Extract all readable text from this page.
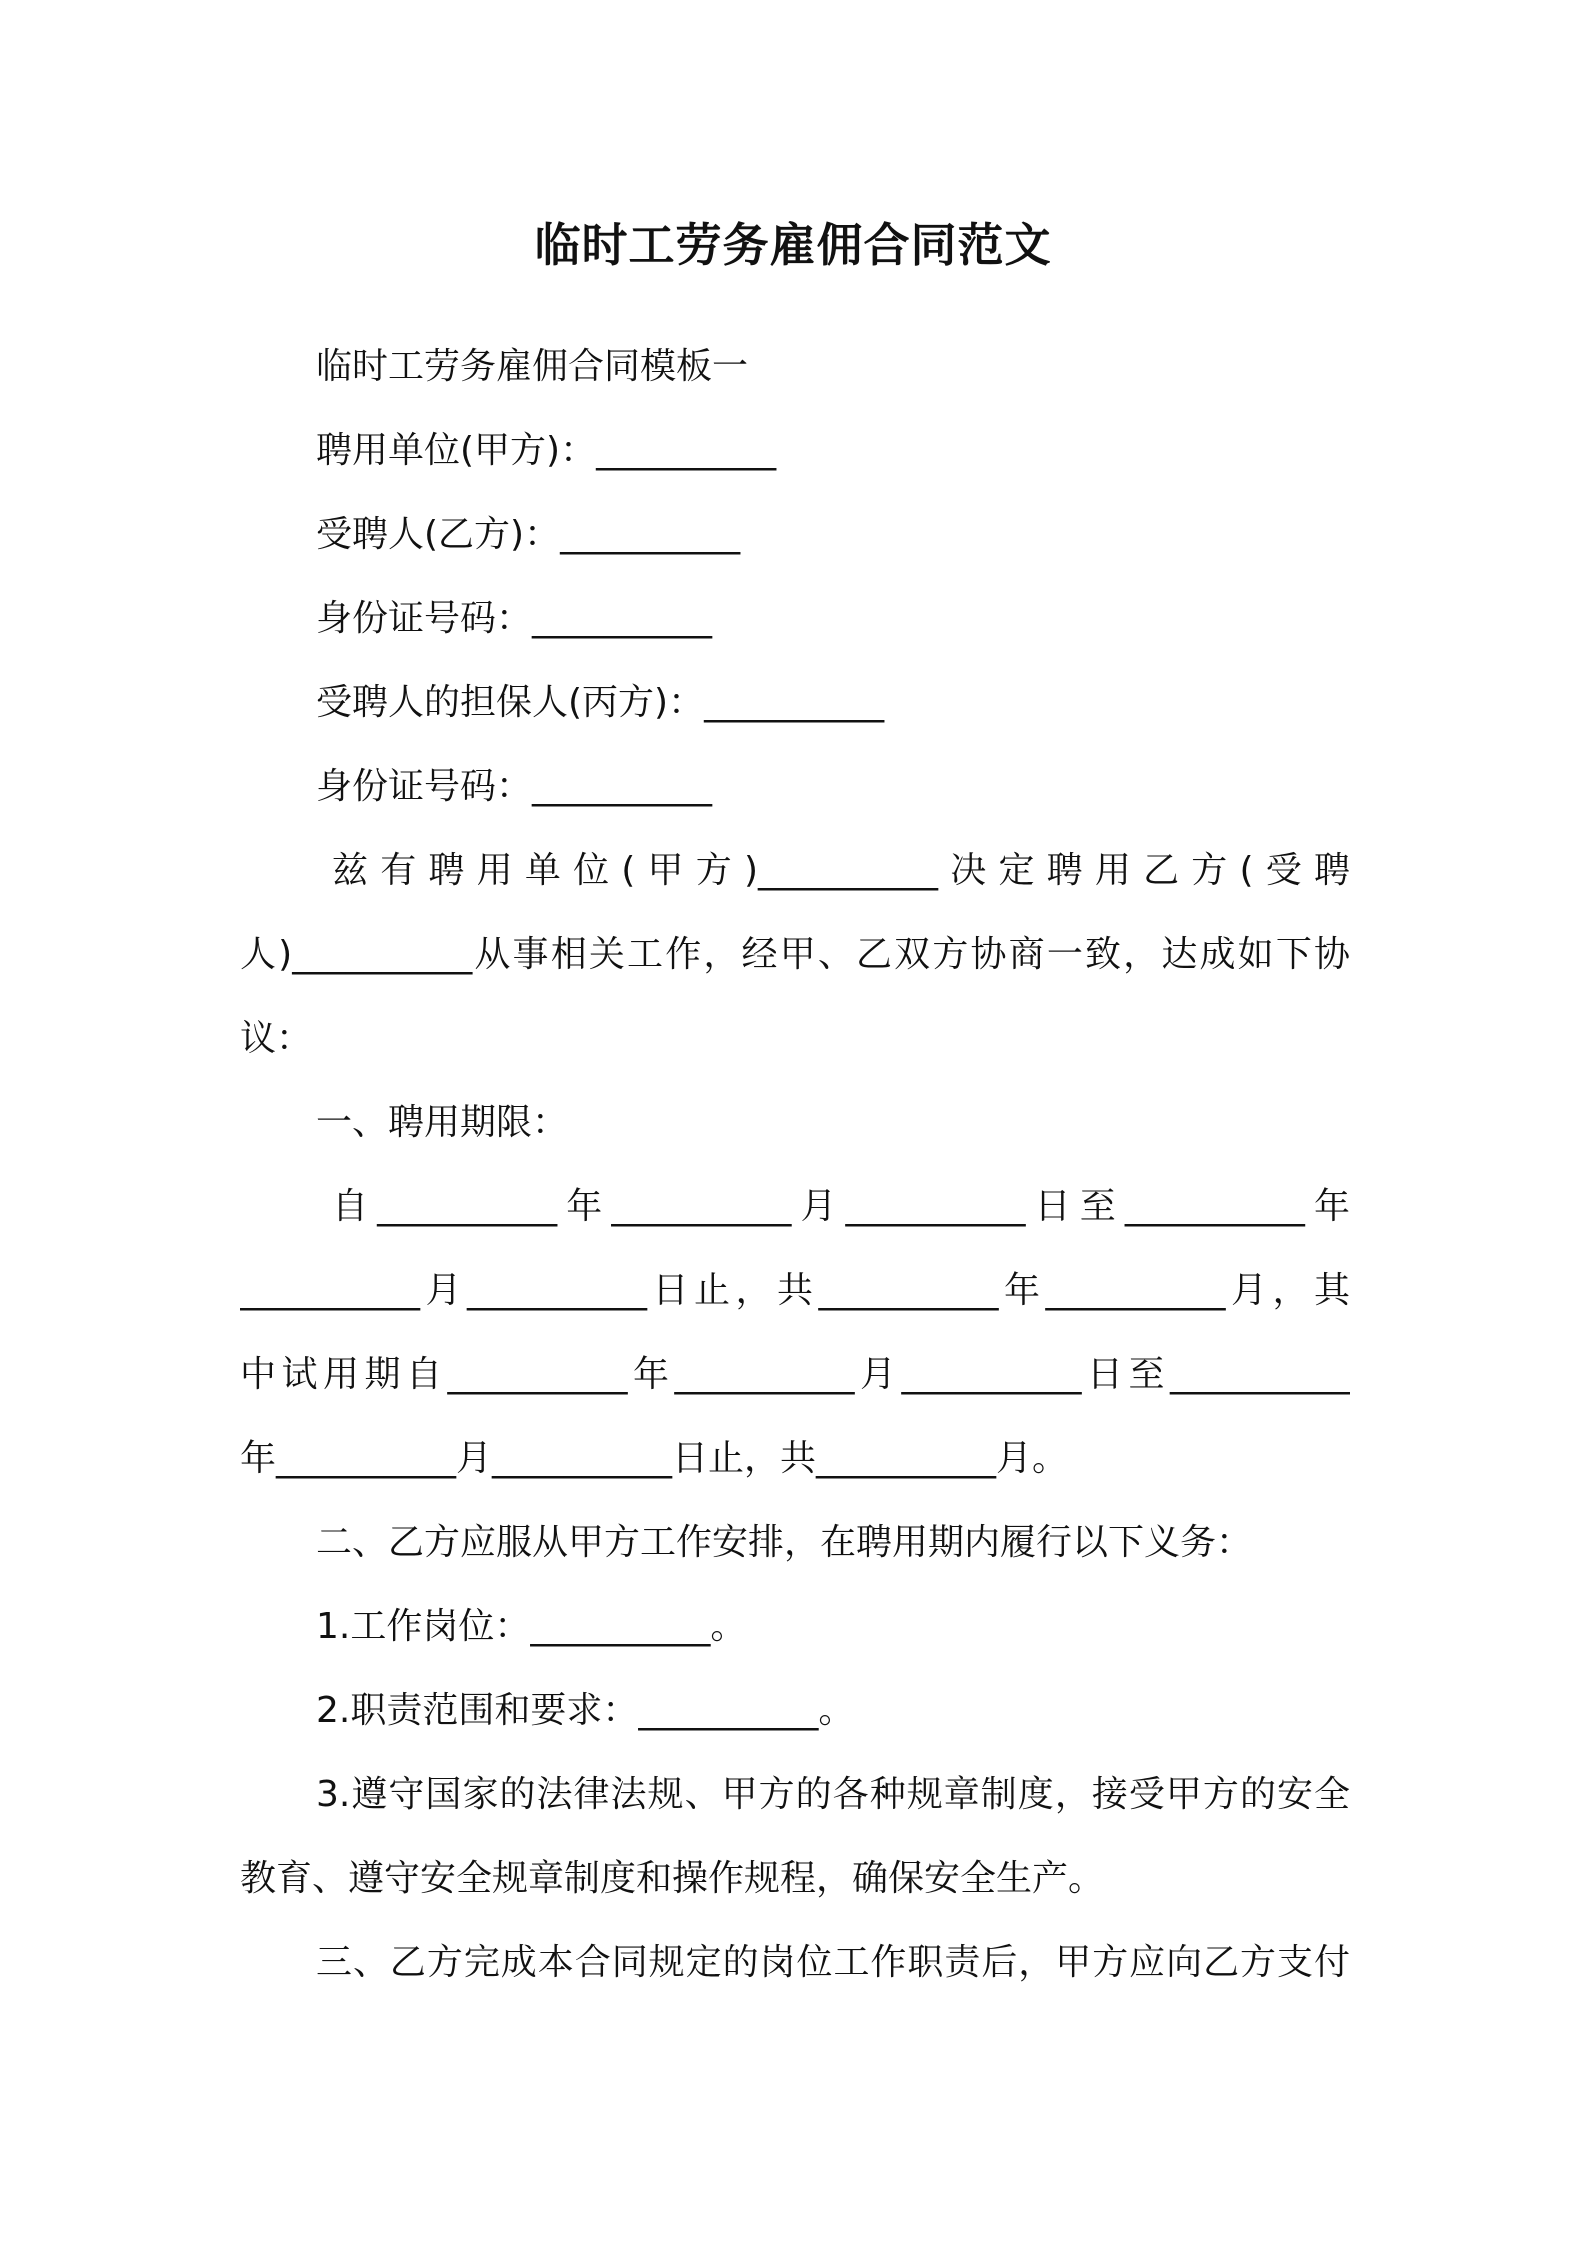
临时工劳务雇佣合同范文
临时工劳务雇佣合同模板一
聘用单位(甲方)：__________
受聘人(乙方)：__________
身份证号码：__________
受聘人的担保人(丙方)：__________
身份证号码：__________
兹有聘用单位(甲方)__________决定聘用乙方(受聘
人)__________从事相关工作，经甲、乙双方协商一致，达成如下协
议：
一、聘用期限：
自__________年__________月__________日至__________年
__________月__________日止，共__________年__________月，其
中试用期自__________年__________月__________日至__________
年__________月__________日止，共__________月。
二、乙方应服从甲方工作安排，在聘用期内履行以下义务：
1.工作岗位：__________。
2.职责范围和要求：__________。
3.遵守国家的法律法规、甲方的各种规章制度，接受甲方的安全
教育、遵守安全规章制度和操作规程，确保安全生产。
三、乙方完成本合同规定的岗位工作职责后，甲方应向乙方支付
